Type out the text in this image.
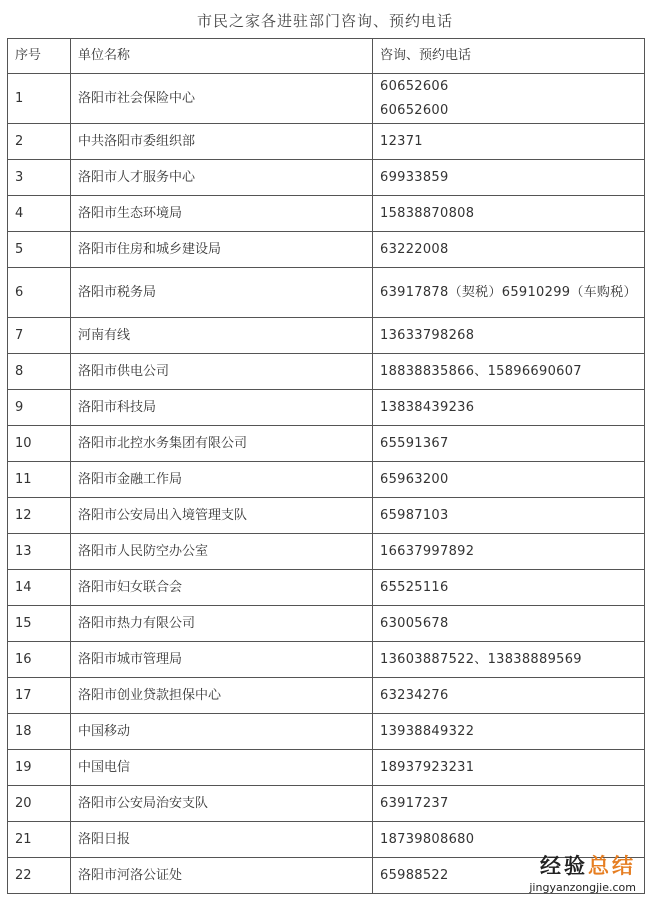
市民之家各进驻部门咨询、预约电话
序号	单位名称	咨询、预约电话
1	洛阳市社会保险中心	60652606
60652600
2	中共洛阳市委组织部	12371
3	洛阳市人才服务中心	69933859
4	洛阳市生态环境局	15838870808
5	洛阳市住房和城乡建设局	63222008
6	洛阳市税务局	63917878（契税）65910299（车购税）
7	河南有线	13633798268
8	洛阳市供电公司	18838835866、15896690607
9	洛阳市科技局	13838439236
10	洛阳市北控水务集团有限公司	65591367
11	洛阳市金融工作局	65963200
12	洛阳市公安局出入境管理支队	65987103
13	洛阳市人民防空办公室	16637997892
14	洛阳市妇女联合会	65525116
15	洛阳市热力有限公司	63005678
16	洛阳市城市管理局	13603887522、13838889569
17	洛阳市创业贷款担保中心	63234276
18	中国移动	13938849322
19	中国电信	18937923231
20	洛阳市公安局治安支队	63917237
21	洛阳日报	18739808680
22	洛阳市河洛公证处	65988522	经验总结
jingyanzongjie.com
